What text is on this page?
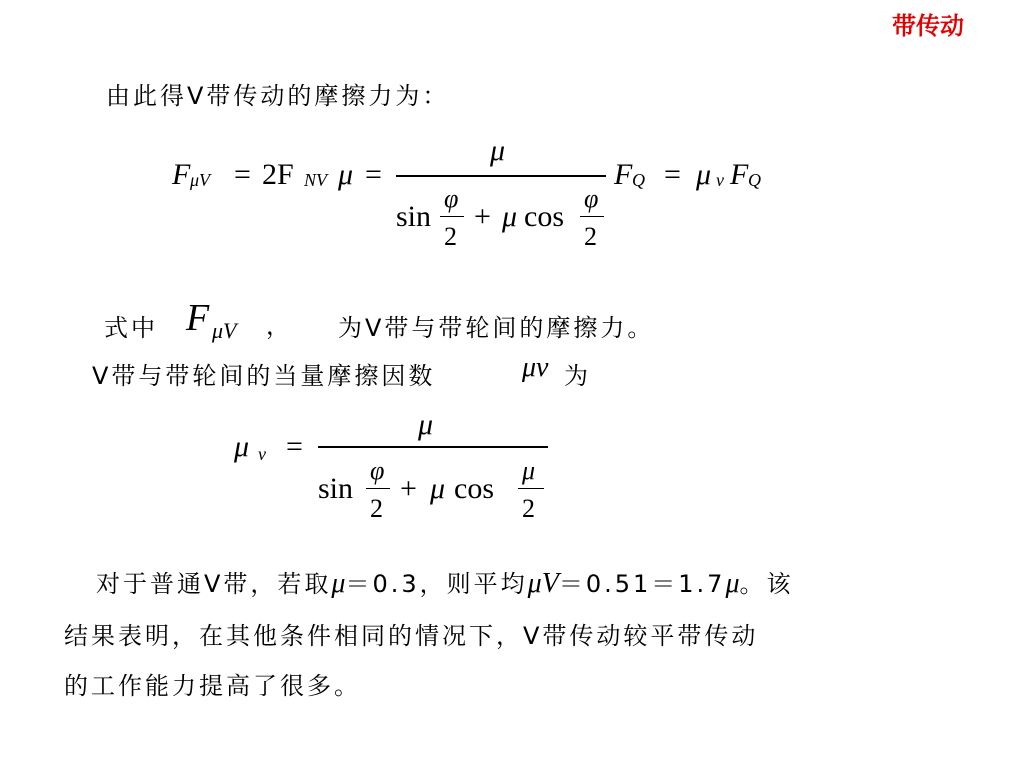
带传动
由此得V带传动的摩擦力为：
F μV = 2F NV μ =
μ
sin
φ
2
+ μ cos
φ
2
F Q = μ v F Q
式中 F μV ， 为V带与带轮间的摩擦力。
V带与带轮间的当量摩擦因数	μv 为
μ v =
μ
sin
φ
2
+ μ cos
μ
2
对于普通V带，若取μ＝0.3，则平均μV＝0.51＝1.7μ。该
结果表明，在其他条件相同的情况下，V带传动较平带传动
的工作能力提高了很多。
